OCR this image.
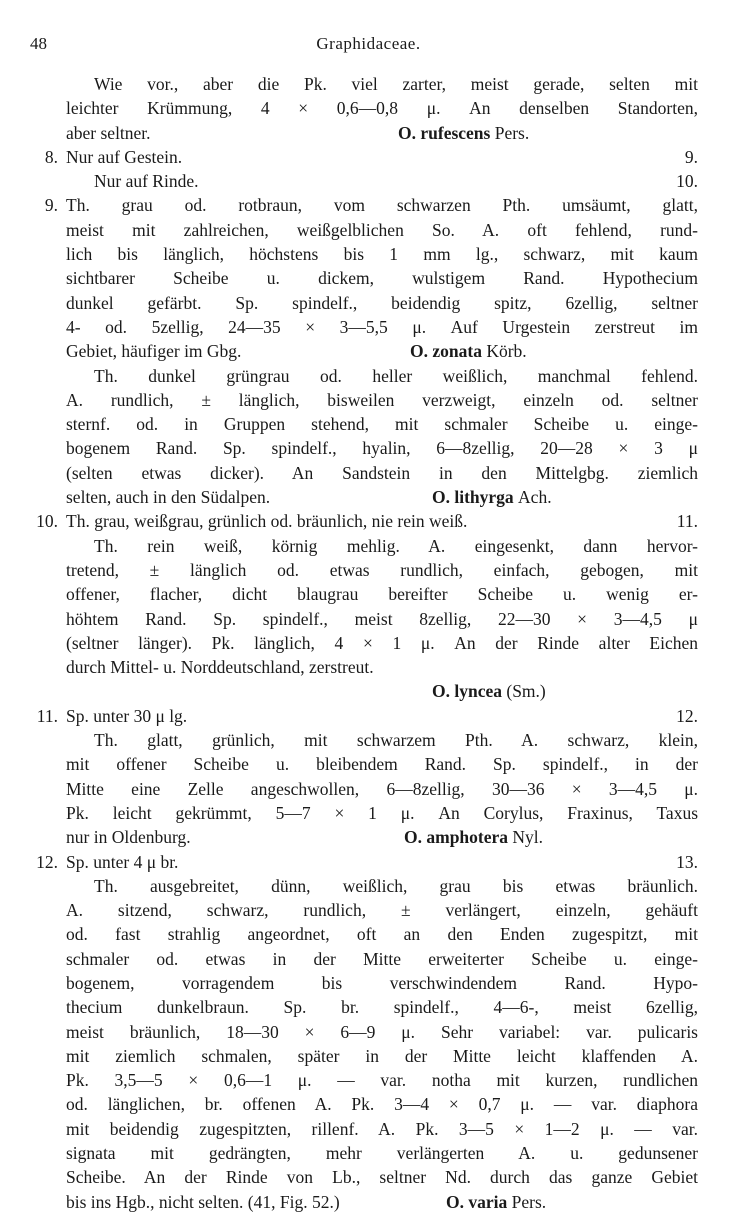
48	Graphidaceae.
Wie vor., aber die Pk. viel zarter, meist gerade, selten mit
leichter Krümmung, 4 × 0,6—0,8 μ. An denselben Standorten,
aber seltner.	O. rufescens Pers.
8. Nur auf Gestein.	9.
Nur auf Rinde.	10.
9. Th. grau od. rotbraun, vom schwarzen Pth. umsäumt, glatt,
meist mit zahlreichen, weißgelblichen So. A. oft fehlend, rund-
lich bis länglich, höchstens bis 1 mm lg., schwarz, mit kaum
sichtbarer Scheibe u. dickem, wulstigem Rand. Hypothecium
dunkel gefärbt. Sp. spindelf., beidendig spitz, 6zellig, seltner
4- od. 5zellig, 24—35 × 3—5,5 μ. Auf Urgestein zerstreut im
Gebiet, häufiger im Gbg.	O. zonata Körb.
Th. dunkel grüngrau od. heller weißlich, manchmal fehlend.
A. rundlich, ± länglich, bisweilen verzweigt, einzeln od. seltner
sternf. od. in Gruppen stehend, mit schmaler Scheibe u. einge-
bogenem Rand. Sp. spindelf., hyalin, 6—8zellig, 20—28 × 3 μ
(selten etwas dicker). An Sandstein in den Mittelgbg. ziemlich
selten, auch in den Südalpen.	O. lithyrga Ach.
10. Th. grau, weißgrau, grünlich od. bräunlich, nie rein weiß.	11.
Th. rein weiß, körnig mehlig. A. eingesenkt, dann hervor-
tretend, ± länglich od. etwas rundlich, einfach, gebogen, mit
offener, flacher, dicht blaugrau bereifter Scheibe u. wenig er-
höhtem Rand. Sp. spindelf., meist 8zellig, 22—30 × 3—4,5 μ
(seltner länger). Pk. länglich, 4 × 1 μ. An der Rinde alter Eichen
durch Mittel- u. Norddeutschland, zerstreut.
O. lyncea (Sm.)
11. Sp. unter 30 μ lg.	12.
Th. glatt, grünlich, mit schwarzem Pth. A. schwarz, klein,
mit offener Scheibe u. bleibendem Rand. Sp. spindelf., in der
Mitte eine Zelle angeschwollen, 6—8zellig, 30—36 × 3—4,5 μ.
Pk. leicht gekrümmt, 5—7 × 1 μ. An Corylus, Fraxinus, Taxus
nur in Oldenburg.	O. amphotera Nyl.
12. Sp. unter 4 μ br.	13.
Th. ausgebreitet, dünn, weißlich, grau bis etwas bräunlich.
A. sitzend, schwarz, rundlich, ± verlängert, einzeln, gehäuft
od. fast strahlig angeordnet, oft an den Enden zugespitzt, mit
schmaler od. etwas in der Mitte erweiterter Scheibe u. einge-
bogenem, vorragendem bis verschwindendem Rand. Hypo-
thecium dunkelbraun. Sp. br. spindelf., 4—6-, meist 6zellig,
meist bräunlich, 18—30 × 6—9 μ. Sehr variabel: var. pulicaris
mit ziemlich schmalen, später in der Mitte leicht klaffenden A.
Pk. 3,5—5 × 0,6—1 μ. — var. notha mit kurzen, rundlichen
od. länglichen, br. offenen A. Pk. 3—4 × 0,7 μ. — var. diaphora
mit beidendig zugespitzten, rillenf. A. Pk. 3—5 × 1—2 μ. — var.
signata mit gedrängten, mehr verlängerten A. u. gedunsener
Scheibe. An der Rinde von Lb., seltner Nd. durch das ganze Gebiet
bis ins Hgb., nicht selten. (41, Fig. 52.)	O. varia Pers.
